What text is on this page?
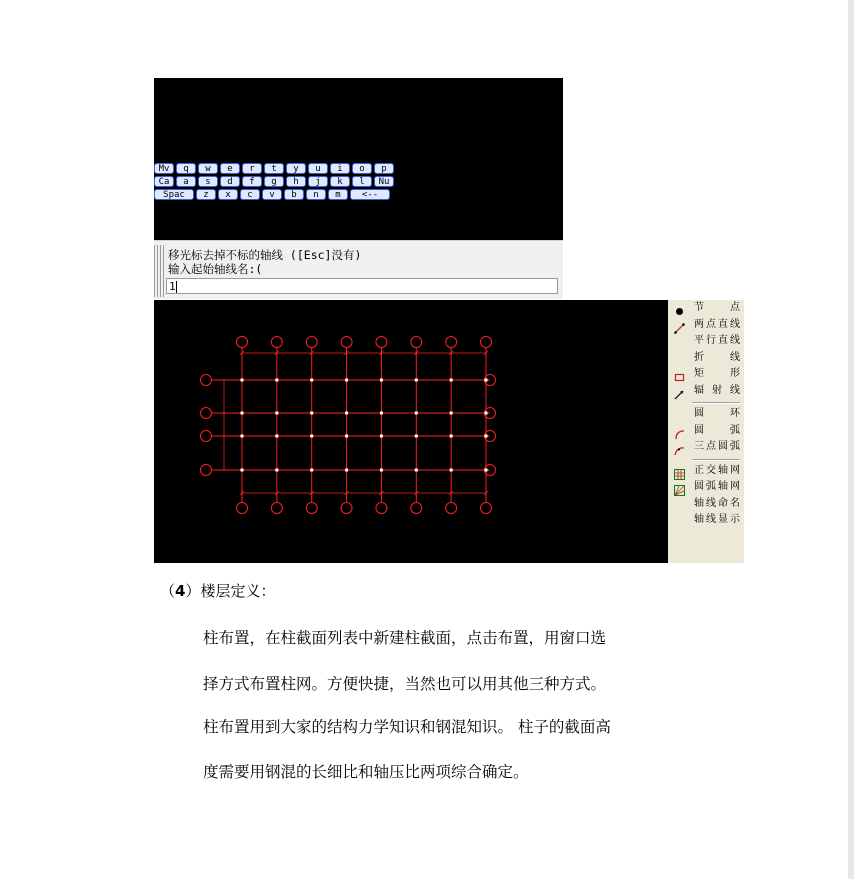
Mv	q	w	e	r	t	y	u	i	o	p
Ca	a	s	d	f	g	h	j	k	l	Nu
Spac	z	x	c	v	b	n	m	<--
移光标去掉不标的轴线 ([Esc]没有)
输入起始轴线名:(
1
节 点
两点直线
平行直线
折 线
矩 形
辐 射 线
圆 环
圆 弧
三点圆弧
正交轴网
圆弧轴网
轴线命名
轴线显示
（4）楼层定义：
柱布置，在柱截面列表中新建柱截面，点击布置，用窗口选
择方式布置柱网。方便快捷，当然也可以用其他三种方式。
柱布置用到大家的结构力学知识和钢混知识。 柱子的截面高
度需要用钢混的长细比和轴压比两项综合确定。
